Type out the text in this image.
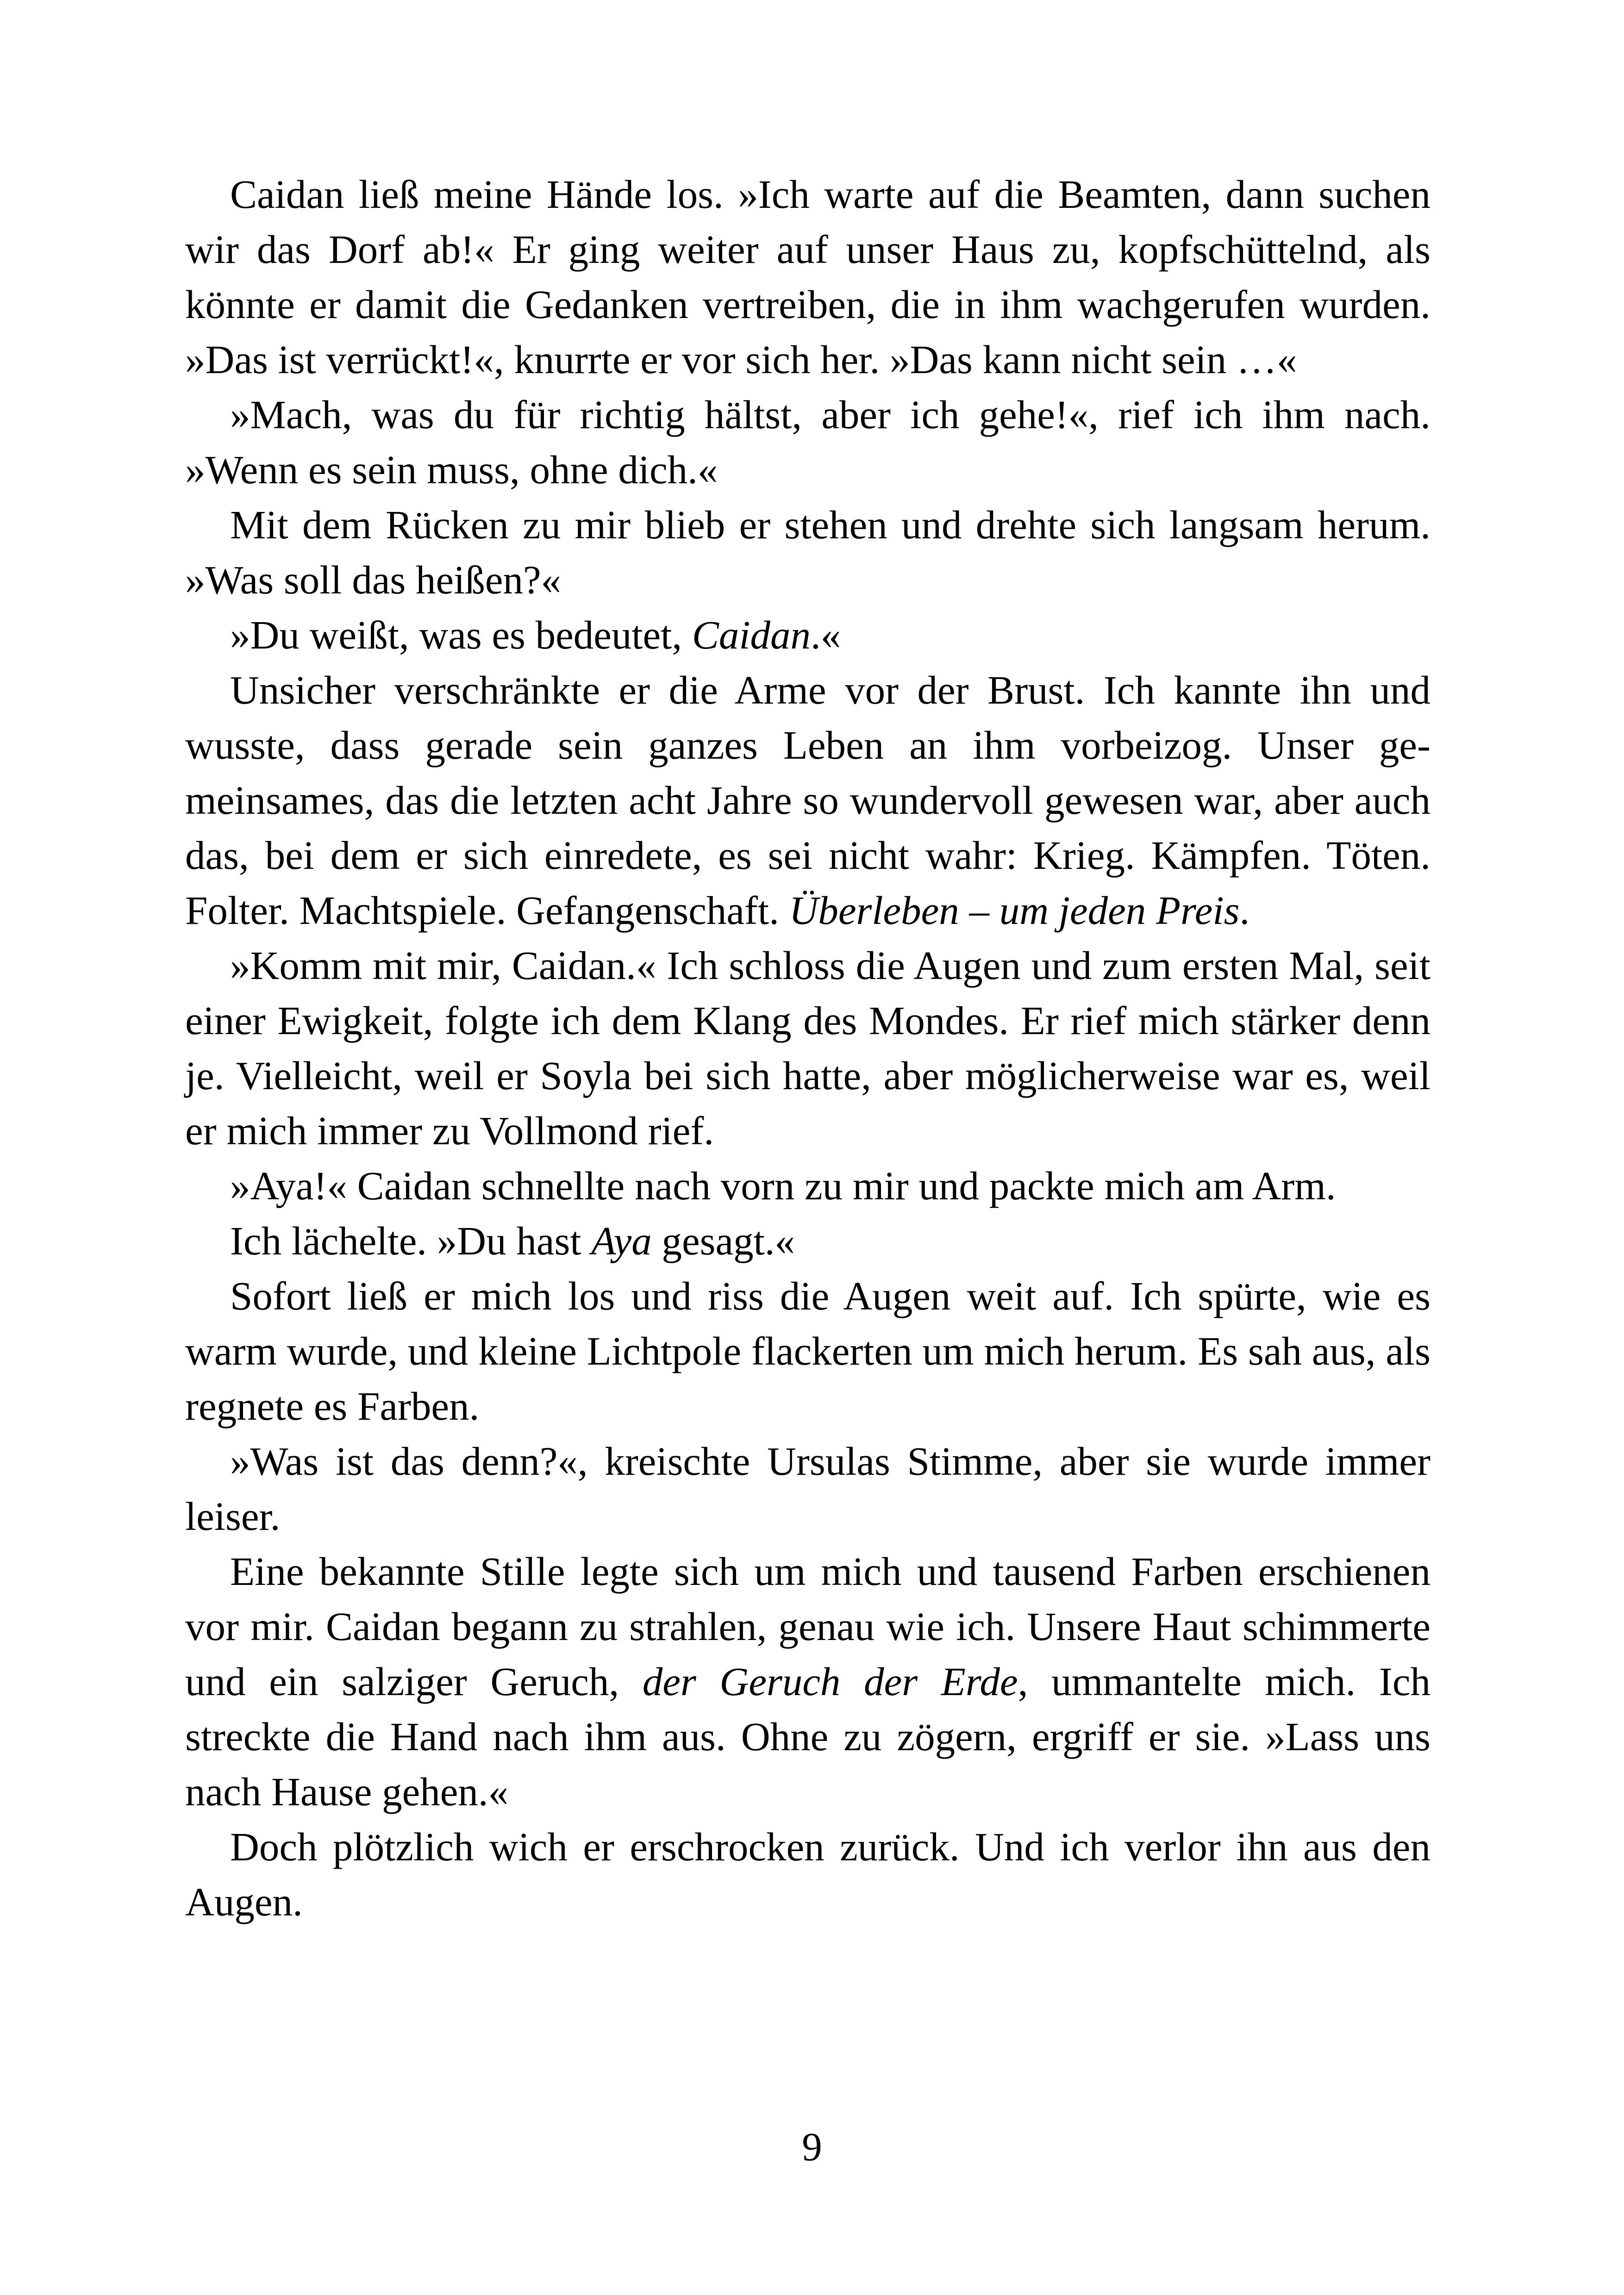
Caidan ließ meine Hände los. »Ich warte auf die Beamten, dann suchen wir das Dorf ab!« Er ging weiter auf unser Haus zu, kopfschüttelnd, als könnte er damit die Gedanken vertreiben, die in ihm wachgerufen wurden. »Das ist verrückt!«, knurrte er vor sich her. »Das kann nicht sein …«

»Mach, was du für richtig hältst, aber ich gehe!«, rief ich ihm nach. »Wenn es sein muss, ohne dich.«

Mit dem Rücken zu mir blieb er stehen und drehte sich langsam herum. »Was soll das heißen?«

»Du weißt, was es bedeutet, Caidan.«

Unsicher verschränkte er die Arme vor der Brust. Ich kannte ihn und wusste, dass gerade sein ganzes Leben an ihm vorbeizog. Unser gemeinsames, das die letzten acht Jahre so wundervoll gewesen war, aber auch das, bei dem er sich einredete, es sei nicht wahr: Krieg. Kämpfen. Töten. Folter. Machtspiele. Gefangenschaft. Überleben – um jeden Preis.

»Komm mit mir, Caidan.« Ich schloss die Augen und zum ersten Mal, seit einer Ewigkeit, folgte ich dem Klang des Mondes. Er rief mich stärker denn je. Vielleicht, weil er Soyla bei sich hatte, aber möglicherweise war es, weil er mich immer zu Vollmond rief.

»Aya!« Caidan schnellte nach vorn zu mir und packte mich am Arm.

Ich lächelte. »Du hast Aya gesagt.«

Sofort ließ er mich los und riss die Augen weit auf. Ich spürte, wie es warm wurde, und kleine Lichtpole flackerten um mich herum. Es sah aus, als regnete es Farben.

»Was ist das denn?«, kreischte Ursulas Stimme, aber sie wurde immer leiser.

Eine bekannte Stille legte sich um mich und tausend Farben erschienen vor mir. Caidan begann zu strahlen, genau wie ich. Unsere Haut schimmerte und ein salziger Geruch, der Geruch der Erde, ummantelte mich. Ich streckte die Hand nach ihm aus. Ohne zu zögern, ergriff er sie. »Lass uns nach Hause gehen.«

Doch plötzlich wich er erschrocken zurück. Und ich verlor ihn aus den Augen.

9
